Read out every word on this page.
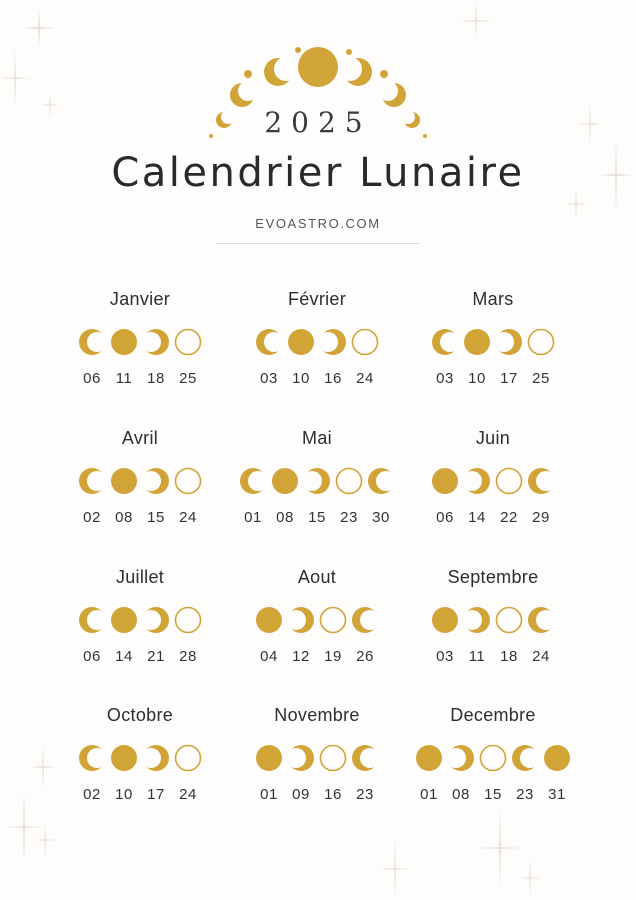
2025
Calendrier Lunaire
EVOASTRO.COM
Janvier
06 11 18 25
Février
03 10 16 24
Mars
03 10 17 25
Avril
02 08 15 24
Mai
01 08 15 23 30
Juin
06 14 22 29
Juillet
06 14 21 28
Aout
04 12 19 26
Septembre
03 11 18 24
Octobre
02 10 17 24
Novembre
01 09 16 23
Decembre
01 08 15 23 31
